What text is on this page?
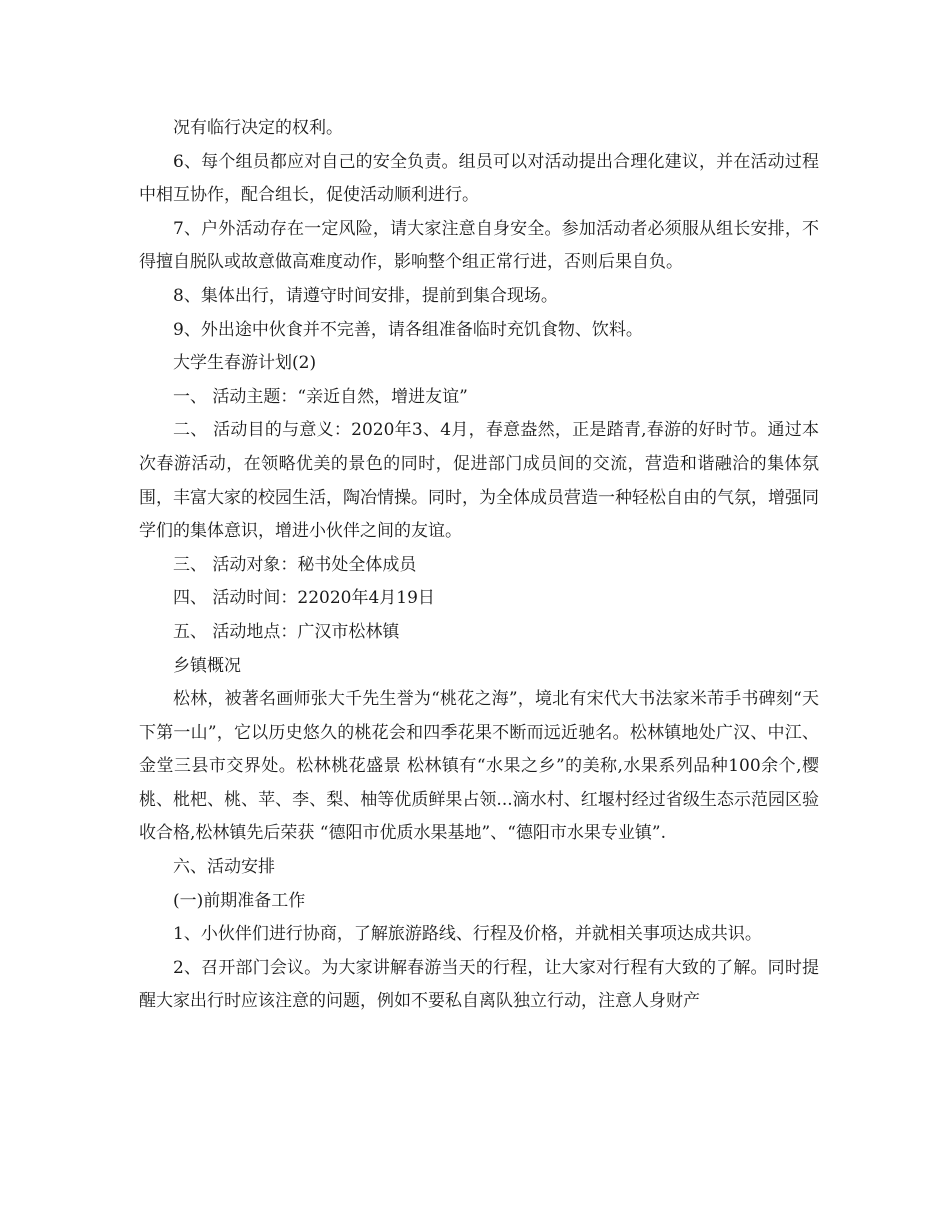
况有临行决定的权利。

6、每个组员都应对自己的安全负责。组员可以对活动提出合理化建议，并在活动过程中相互协作，配合组长，促使活动顺利进行。

7、户外活动存在一定风险，请大家注意自身安全。参加活动者必须服从组长安排，不得擅自脱队或故意做高难度动作，影响整个组正常行进，否则后果自负。

8、集体出行，请遵守时间安排，提前到集合现场。

9、外出途中伙食并不完善，请各组准备临时充饥食物、饮料。

大学生春游计划(2)

一、 活动主题：“亲近自然，增进友谊”

二、 活动目的与意义：2020年3、4月，春意盎然，正是踏青,春游的好时节。通过本次春游活动，在领略优美的景色的同时，促进部门成员间的交流，营造和谐融洽的集体氛围，丰富大家的校园生活，陶冶情操。同时，为全体成员营造一种轻松自由的气氛，增强同学们的集体意识，增进小伙伴之间的友谊。

三、 活动对象：秘书处全体成员

四、 活动时间：22020年4月19日

五、 活动地点：广汉市松林镇

乡镇概况

松林，被著名画师张大千先生誉为“桃花之海”，境北有宋代大书法家米芾手书碑刻“天下第一山”，它以历史悠久的桃花会和四季花果不断而远近驰名。松林镇地处广汉、中江、金堂三县市交界处。松林桃花盛景 松林镇有“水果之乡”的美称,水果系列品种100余个,樱桃、枇杷、桃、苹、李、梨、柚等优质鲜果占领...滴水村、红堰村经过省级生态示范园区验收合格,松林镇先后荣获 “德阳市优质水果基地”、“德阳市水果专业镇”.

六、活动安排

(一)前期准备工作

1、小伙伴们进行协商，了解旅游路线、行程及价格，并就相关事项达成共识。

2、召开部门会议。为大家讲解春游当天的行程，让大家对行程有大致的了解。同时提醒大家出行时应该注意的问题，例如不要私自离队独立行动，注意人身财产
